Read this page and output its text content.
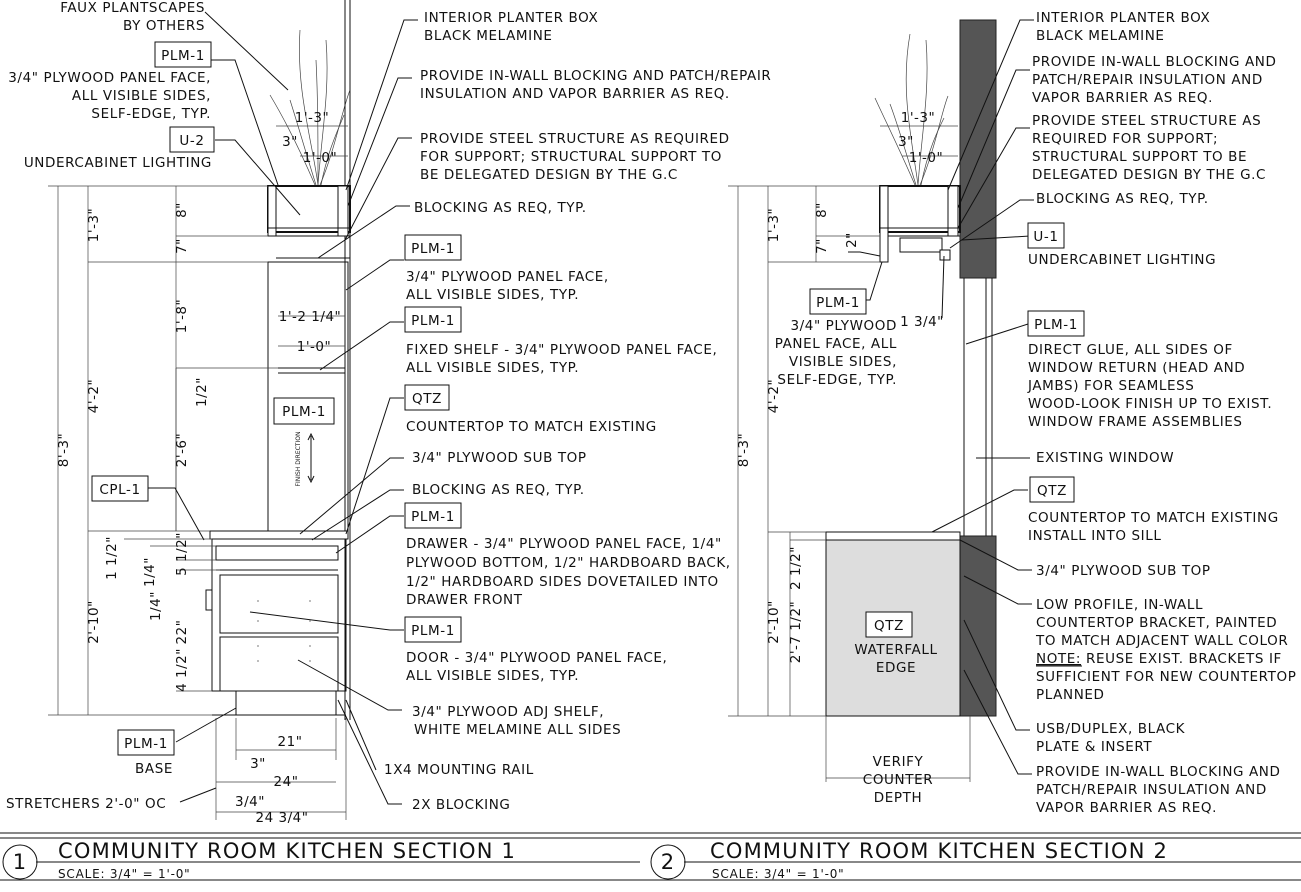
FAUX PLANTSCAPES
BY OTHERS
3/4" PLYWOOD PANEL FACE,
ALL VISIBLE SIDES,
SELF-EDGE, TYP.
UNDERCABINET LIGHTING
INTERIOR PLANTER BOX
BLACK MELAMINE
PROVIDE IN-WALL BLOCKING AND PATCH/REPAIR
INSULATION AND VAPOR BARRIER AS REQ.
PROVIDE STEEL STRUCTURE AS REQUIRED
FOR SUPPORT; STRUCTURAL SUPPORT TO
BE DELEGATED DESIGN BY THE G.C
BLOCKING AS REQ, TYP.
3/4" PLYWOOD PANEL FACE,
ALL VISIBLE SIDES, TYP.
FIXED SHELF - 3/4" PLYWOOD PANEL FACE,
ALL VISIBLE SIDES, TYP.
COUNTERTOP TO MATCH EXISTING
3/4" PLYWOOD SUB TOP
BLOCKING AS REQ, TYP.
DRAWER - 3/4" PLYWOOD PANEL FACE, 1/4"
PLYWOOD BOTTOM, 1/2" HARDBOARD BACK,
1/2" HARDBOARD SIDES DOVETAILED INTO
DRAWER FRONT
DOOR - 3/4" PLYWOOD PANEL FACE,
ALL VISIBLE SIDES, TYP.
3/4" PLYWOOD ADJ SHELF,
WHITE MELAMINE ALL SIDES
1X4 MOUNTING RAIL
2X BLOCKING
BASE
STRETCHERS 2'-0" OC
PLM-1
U-2
PLM-1
PLM-1
PLM-1
QTZ
PLM-1
PLM-1
CPL-1
PLM-1
FINISH DIRECTION
8'-3"
1'-3"
4'-2"
2'-10"
8"
7"
1'-8"
2'-6"
1/2"
1 1/2" 1/4" 5 1/2"
1/4"
22"
4 1/2"
1'-3"
3"
1'-0"
1'-2 1/4"
1'-0"
21"
3"
24"
3/4"
24 3/4"
1 COMMUNITY ROOM KITCHEN SECTION 1
SCALE: 3/4" = 1'-0"
INTERIOR PLANTER BOX
BLACK MELAMINE
PROVIDE IN-WALL BLOCKING AND
PATCH/REPAIR INSULATION AND
VAPOR BARRIER AS REQ.
PROVIDE STEEL STRUCTURE AS
REQUIRED FOR SUPPORT;
STRUCTURAL SUPPORT TO BE
DELEGATED DESIGN BY THE G.C
BLOCKING AS REQ, TYP.
UNDERCABINET LIGHTING
3/4" PLYWOOD
PANEL FACE, ALL
VISIBLE SIDES,
SELF-EDGE, TYP.
DIRECT GLUE, ALL SIDES OF
WINDOW RETURN (HEAD AND
JAMBS) FOR SEAMLESS
WOOD-LOOK FINISH UP TO EXIST.
WINDOW FRAME ASSEMBLIES
EXISTING WINDOW
COUNTERTOP TO MATCH EXISTING
INSTALL INTO SILL
3/4" PLYWOOD SUB TOP
LOW PROFILE, IN-WALL
COUNTERTOP BRACKET, PAINTED
TO MATCH ADJACENT WALL COLOR
NOTE: REUSE EXIST. BRACKETS IF
SUFFICIENT FOR NEW COUNTERTOP
PLANNED
USB/DUPLEX, BLACK
PLATE & INSERT
PROVIDE IN-WALL BLOCKING AND
PATCH/REPAIR INSULATION AND
VAPOR BARRIER AS REQ.
VERIFY
COUNTER
DEPTH
WATERFALL
EDGE
U-1
PLM-1
PLM-1
QTZ
QTZ
8'-3"
1'-3"
4'-2"
2'-10"
8"
7" 2"
2 1/2"
2'-7 1/2"
1'-3"
3"
1'-0"
1 3/4"
2 COMMUNITY ROOM KITCHEN SECTION 2
SCALE: 3/4" = 1'-0"
